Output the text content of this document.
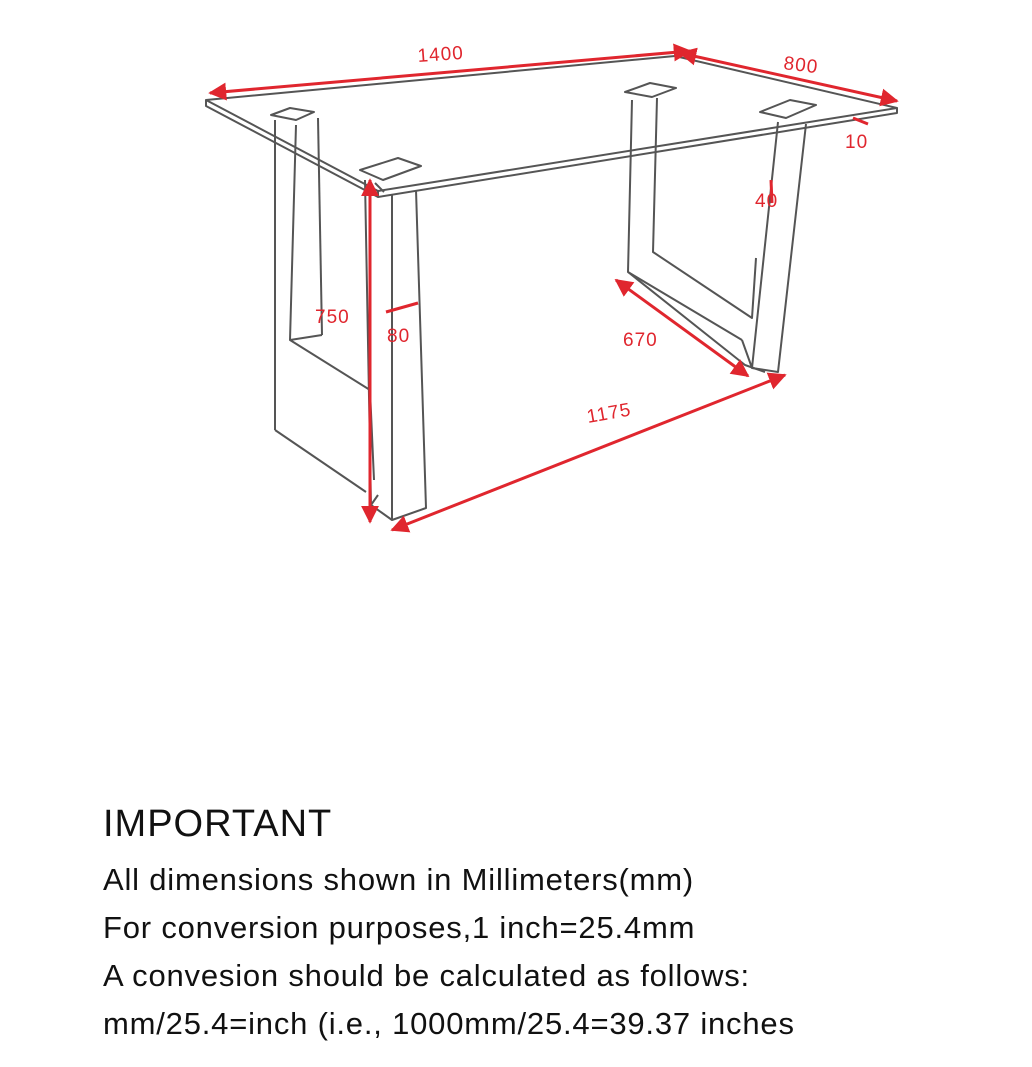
1400	800
10
40
750
80	670
1175

IMPORTANT

All dimensions shown in Millimeters(mm)

For conversion purposes,1 inch=25.4mm

A convesion should be calculated as follows:

mm/25.4=inch (i.e., 1000mm/25.4=39.37 inches
